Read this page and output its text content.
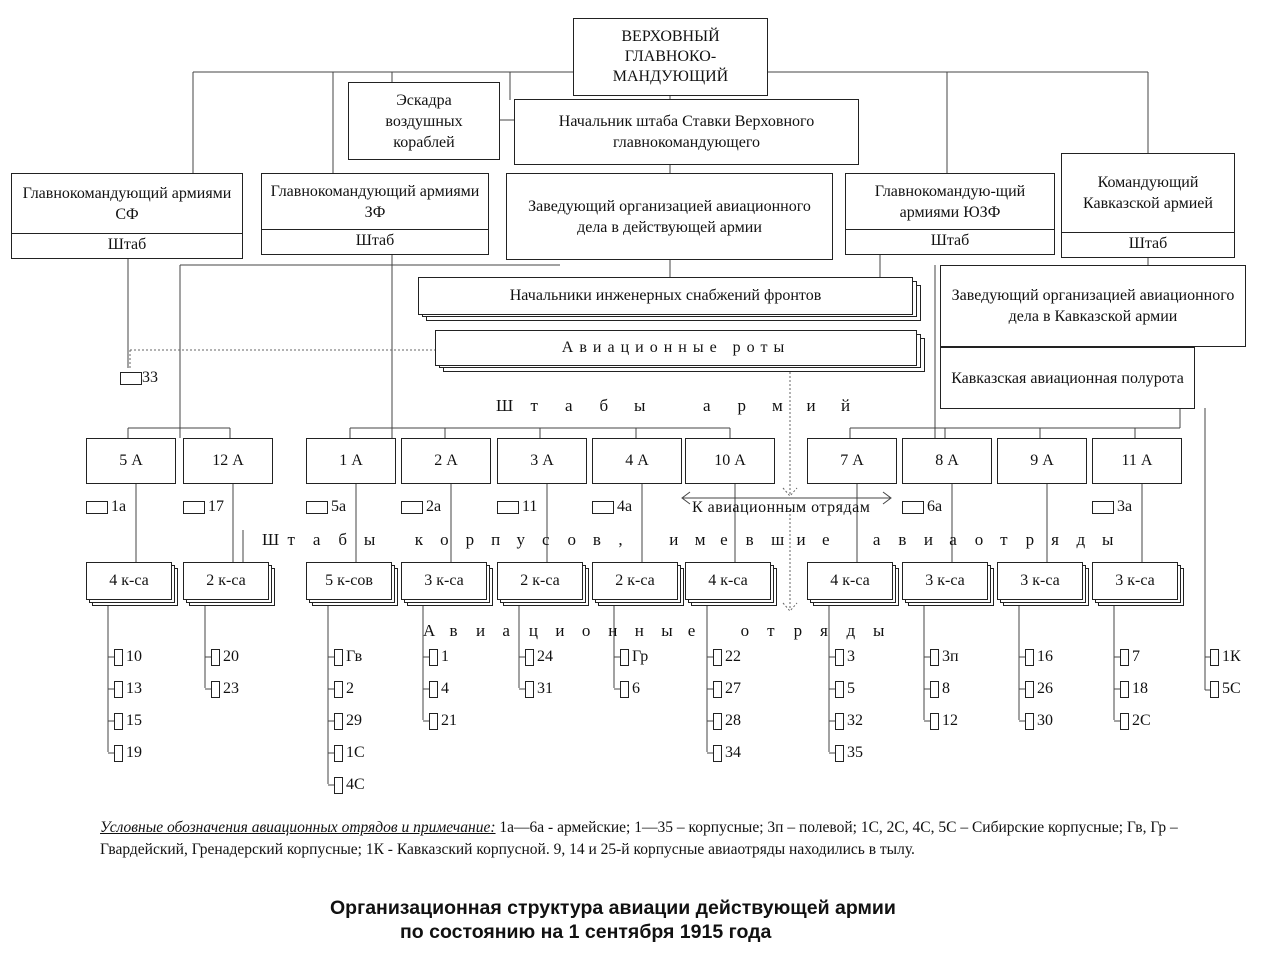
ВЕРХОВНЫЙ ГЛАВНОКО-МАНДУЮЩИЙ
Эскадра воздушных кораблей
Начальник штаба Ставки Верховного главнокомандующего
Главнокомандующий армиями СФ
Штаб
Главнокомандующий армиями ЗФ
Штаб
Заведующий организацией авиационного дела в действующей армии
Главнокомандую-щий армиями ЮЗФ
Штаб
Командующий Кавказской армией
Штаб
Начальники инженерных снабжений фронтов
Авиационные роты
Заведующий организацией авиационного дела в Кавказской армии
Кавказская авиационная полурота
33
Ш т а б ы	а р м и й
К авиационным отрядам
Ш т а б ы к о р п у с о в ,	и м е в ш и е	а в и а о т р я д ы
А в и а ц и о н н ы е	о т р я д ы
5 А
1а
4 к-са
10
13
15
19
12 А
17
2 к-са
20
23
1 А
5а
5 к-сов
Гв
2
29
1С
4С
2 А
2а
3 к-са
1
4
21
3 А
11
2 к-са
24
31
4 А
4а
2 к-са
Гр
6
10 А
4 к-са
22
27
28
34
7 А
4 к-са
3
5
32
35
8 А
6а
3 к-са
3п
8
12
9 А
3 к-са
16
26
30
11 А
3а
3 к-са
7
18
2С
1К
5С
Условные обозначения авиационных отрядов и примечание: 1а—6а - армейские; 1—35 – корпусные; 3п – полевой; 1С, 2С, 4С, 5С – Сибирские корпусные; Гв, Гр – Гвардейский, Гренадерский корпусные; 1К - Кавказский корпусной. 9, 14 и 25-й корпусные авиаотряды находились в тылу.
Организационная структура авиации действующей армии
по состоянию на 1 сентября 1915 года
